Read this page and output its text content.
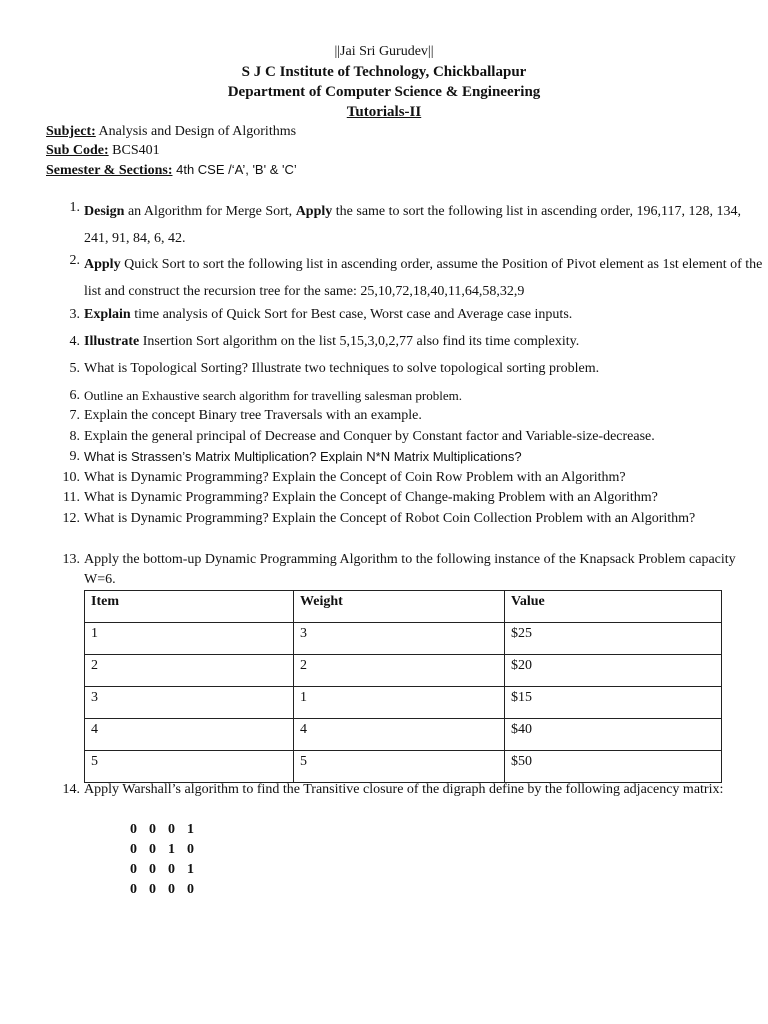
||Jai Sri Gurudev||
S J C Institute of Technology, Chickballapur
Department of Computer Science & Engineering
Tutorials-II
Subject: Analysis and Design of Algorithms
Sub Code: BCS401
Semester & Sections: 4th CSE /‘A’, 'B' & 'C’
1. Design an Algorithm for Merge Sort, Apply the same to sort the following list in ascending order, 196,117, 128, 134, 241, 91, 84, 6, 42.
2. Apply Quick Sort to sort the following list in ascending order, assume the Position of Pivot element as 1st element of the list and construct the recursion tree for the same: 25,10,72,18,40,11,64,58,32,9
3. Explain time analysis of Quick Sort for Best case, Worst case and Average case inputs.
4. Illustrate Insertion Sort algorithm on the list 5,15,3,0,2,77 also find its time complexity.
5. What is Topological Sorting? Illustrate two techniques to solve topological sorting problem.
6. Outline an Exhaustive search algorithm for travelling salesman problem.
7. Explain the concept Binary tree Traversals with an example.
8. Explain the general principal of Decrease and Conquer by Constant factor and Variable-size-decrease.
9. What is Strassen’s Matrix Multiplication? Explain N*N Matrix Multiplications?
10. What is Dynamic Programming? Explain the Concept of Coin Row Problem with an Algorithm?
11. What is Dynamic Programming? Explain the Concept of Change-making Problem with an Algorithm?
12. What is Dynamic Programming? Explain the Concept of Robot Coin Collection Problem with an Algorithm?
13. Apply the bottom-up Dynamic Programming Algorithm to the following instance of the Knapsack Problem capacity W=6.
Item	Weight	Value
1	3	$25
2	2	$20
3	1	$15
4	4	$40
5	5	$50
14. Apply Warshall’s algorithm to find the Transitive closure of the digraph define by the following adjacency matrix:
0 0 0 1
0 0 1 0
0 0 0 1
0 0 0 0
